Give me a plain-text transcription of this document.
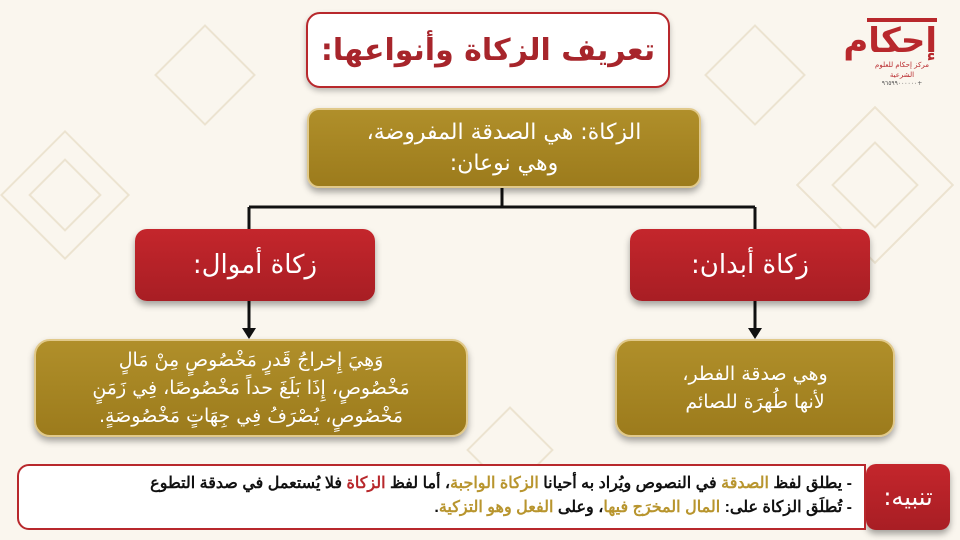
تعريف الزكاة وأنواعها:	إحكام
مركز إحكام للعلوم الشرعية
+٩٦٥٩٩٠٠٠٠٠٠
الزكاة: هي الصدقة المفروضة،
وهي نوعان:
زكاة أبدان:
زكاة أموال:
وهي صدقة الفطر،
لأنها طُهرَة للصائم
وَهِيَ إِخراجُ قَدرٍ مَخْصُوصٍ مِنْ مَالٍ
مَخْصُوصٍ، إِذَا بَلَغَ حداً مَخْصُوصًا، فِي زَمَنٍ
مَخْصُوصٍ، يُصْرَفُ فِي جِهَاتٍ مَخْصُوصَةٍ.
تنبيه:
- يطلق لفظ الصدقة في النصوص ويُراد به أحيانا الزكاة الواجبة، أما لفظ الزكاة فلا يُستعمل في صدقة التطوع
- تُطلَق الزكاة على: المال المخرَج فيها، وعلى الفعل وهو التزكية.
